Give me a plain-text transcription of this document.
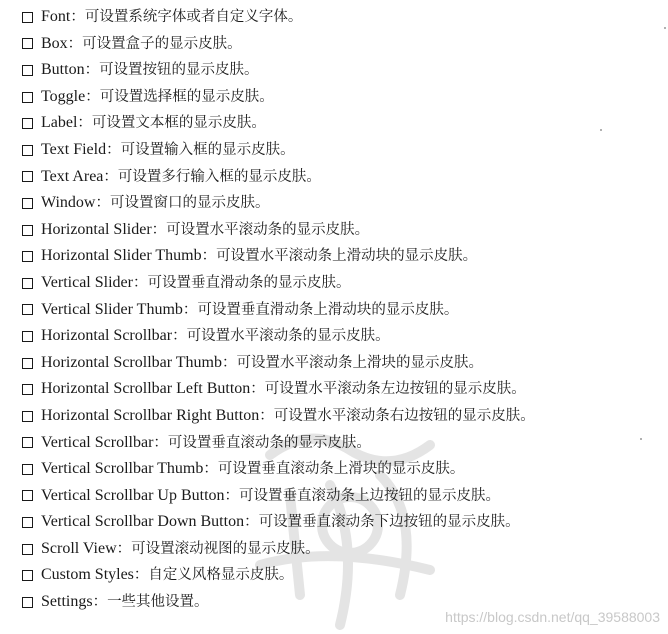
Font ： 可设置系统字体或者自定义字体。
Box ： 可设置盒子的显示皮肤。
Button ： 可设置按钮的显示皮肤。
Toggle ： 可设置选择框的显示皮肤。
Label ： 可设置文本框的显示皮肤。
Text Field ： 可设置输入框的显示皮肤。
Text Area ： 可设置多行输入框的显示皮肤。
Window ： 可设置窗口的显示皮肤。
Horizontal Slider ： 可设置水平滚动条的显示皮肤。
Horizontal Slider Thumb ： 可设置水平滚动条上滑动块的显示皮肤。
Vertical Slider ： 可设置垂直滑动条的显示皮肤。
Vertical Slider Thumb ： 可设置垂直滑动条上滑动块的显示皮肤。
Horizontal Scrollbar ： 可设置水平滚动条的显示皮肤。
Horizontal Scrollbar Thumb ： 可设置水平滚动条上滑块的显示皮肤。
Horizontal Scrollbar Left Button ： 可设置水平滚动条左边按钮的显示皮肤。
Horizontal Scrollbar Right Button ： 可设置水平滚动条右边按钮的显示皮肤。
Vertical Scrollbar ： 可设置垂直滚动条的显示皮肤。
Vertical Scrollbar Thumb ： 可设置垂直滚动条上滑块的显示皮肤。
Vertical Scrollbar Up Button ： 可设置垂直滚动条上边按钮的显示皮肤。
Vertical Scrollbar Down Button ： 可设置垂直滚动条下边按钮的显示皮肤。
Scroll View ： 可设置滚动视图的显示皮肤。
Custom Styles ： 自定义风格显示皮肤。
Settings ： 一些其他设置。
https://blog.csdn.net/qq_39588003
